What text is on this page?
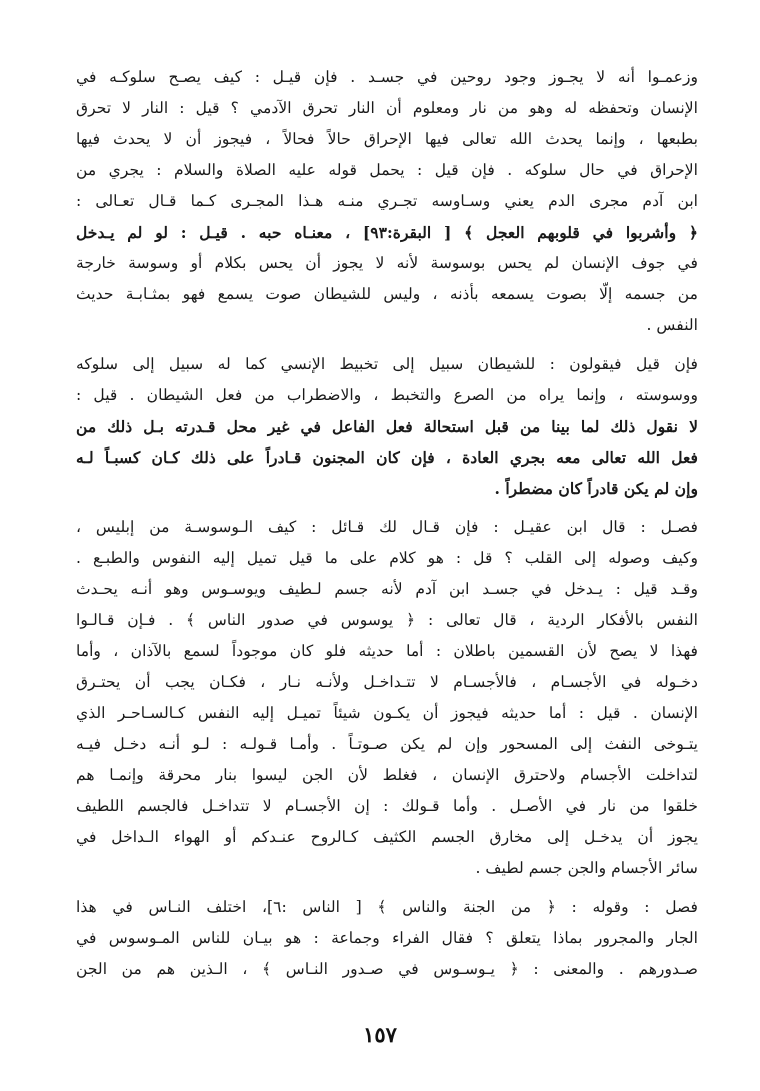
وزعمـوا أنه لا يجـوز وجود روحين في جسـد . فإن قيـل : كيف يصـح سلوكـه في
الإنسان وتحفظه له وهو من نار ومعلوم أن النار تحرق الآدمي ؟ قيل : النار لا تحرق
بطبعها ، وإنما يحدث الله تعالى فيها الإحراق حالاً فحالاً ، فيجوز أن لا يحدث فيها
الإحراق في حال سلوكه . فإن قيل : يحمل قوله عليه الصلاة والسلام : يجري من
ابن آدم مجرى الدم يعني وسـاوسه تجـري منـه هـذا المجـرى كـما قـال تعـالى :
﴿ وأشربوا في قلوبهم العجل ﴾ [ البقرة:٩٣] ، معنـاه حبه . قيـل : لو لم يـدخل
في جوف الإنسان لم يحس بوسوسة لأنه لا يجوز أن يحس بكلام أو وسوسة خارجة
من جسمه إلّا بصوت يسمعه بأذنه ، وليس للشيطان صوت يسمع فهو بمثـابـة حديث
النفس .
فإن قيل فيقولون : للشيطان سبيل إلى تخبيط الإنسي كما له سبيل إلى سلوكه
ووسوسته ، وإنما يراه من الصرع والتخبط ، والاضطراب من فعل الشيطان . قيل :
لا نقول ذلك لما بينا من قبل استحالة فعل الفاعل في غير محل قـدرته بـل ذلك من
فعل الله تعالى معه بجري العادة ، فإن كان المجنون قـادراً على ذلك كـان كسبـاً لـه
وإن لم يكن قادراً كان مضطراً .
فصـل : قال ابن عقيـل : فإن قـال لك قـائل : كيف الـوسوسـة من إبليس ،
وكيف وصوله إلى القلب ؟ قل : هو كلام على ما قيل تميل إليه النفوس والطبـع .
وقـد قيل : يـدخل في جسـد ابن آدم لأنه جسم لـطيف ويوسـوس وهو أنـه يحـدث
النفس بالأفكار الردية ، قال تعالى : ﴿ يوسوس في صدور الناس ﴾ . فـإن قـالـوا
فهذا لا يصح لأن القسمين باطلان : أما حديثه فلو كان موجوداً لسمع بالآذان ، وأما
دخـوله في الأجسـام ، فالأجسـام لا تتـداخـل ولأنـه نـار ، فكـان يجب أن يحتـرق
الإنسان . قيل : أما حديثه فيجوز أن يكـون شيئاً تميـل إليه النفس كـالسـاحـر الذي
يتـوخى النفث إلى المسحور وإن لم يكن صـوتـاً . وأمـا قـولـه : لـو أنـه دخـل فيـه
لتداخلت الأجسام ولاحترق الإنسان ، فغلط لأن الجن ليسوا بنار محرقة وإنمـا هم
خلقوا من نار في الأصـل . وأما قـولك : إن الأجسـام لا تتداخـل فالجسم اللطيف
يجوز أن يدخـل إلى مخارق الجسم الكثيف كـالروح عنـدكم أو الهواء الـداخل في
سائر الأجسام والجن جسم لطيف .
فصل : وقوله : ﴿ من الجنة والناس ﴾ [ الناس :٦]، اختلف النـاس في هذا
الجار والمجرور بماذا يتعلق ؟ فقال الفراء وجماعة : هو بيـان للناس المـوسوس في
صـدورهم . والمعنى : ﴿ يـوسـوس في صـدور النـاس ﴾ ، الـذين هم من الجن
١٥٧
